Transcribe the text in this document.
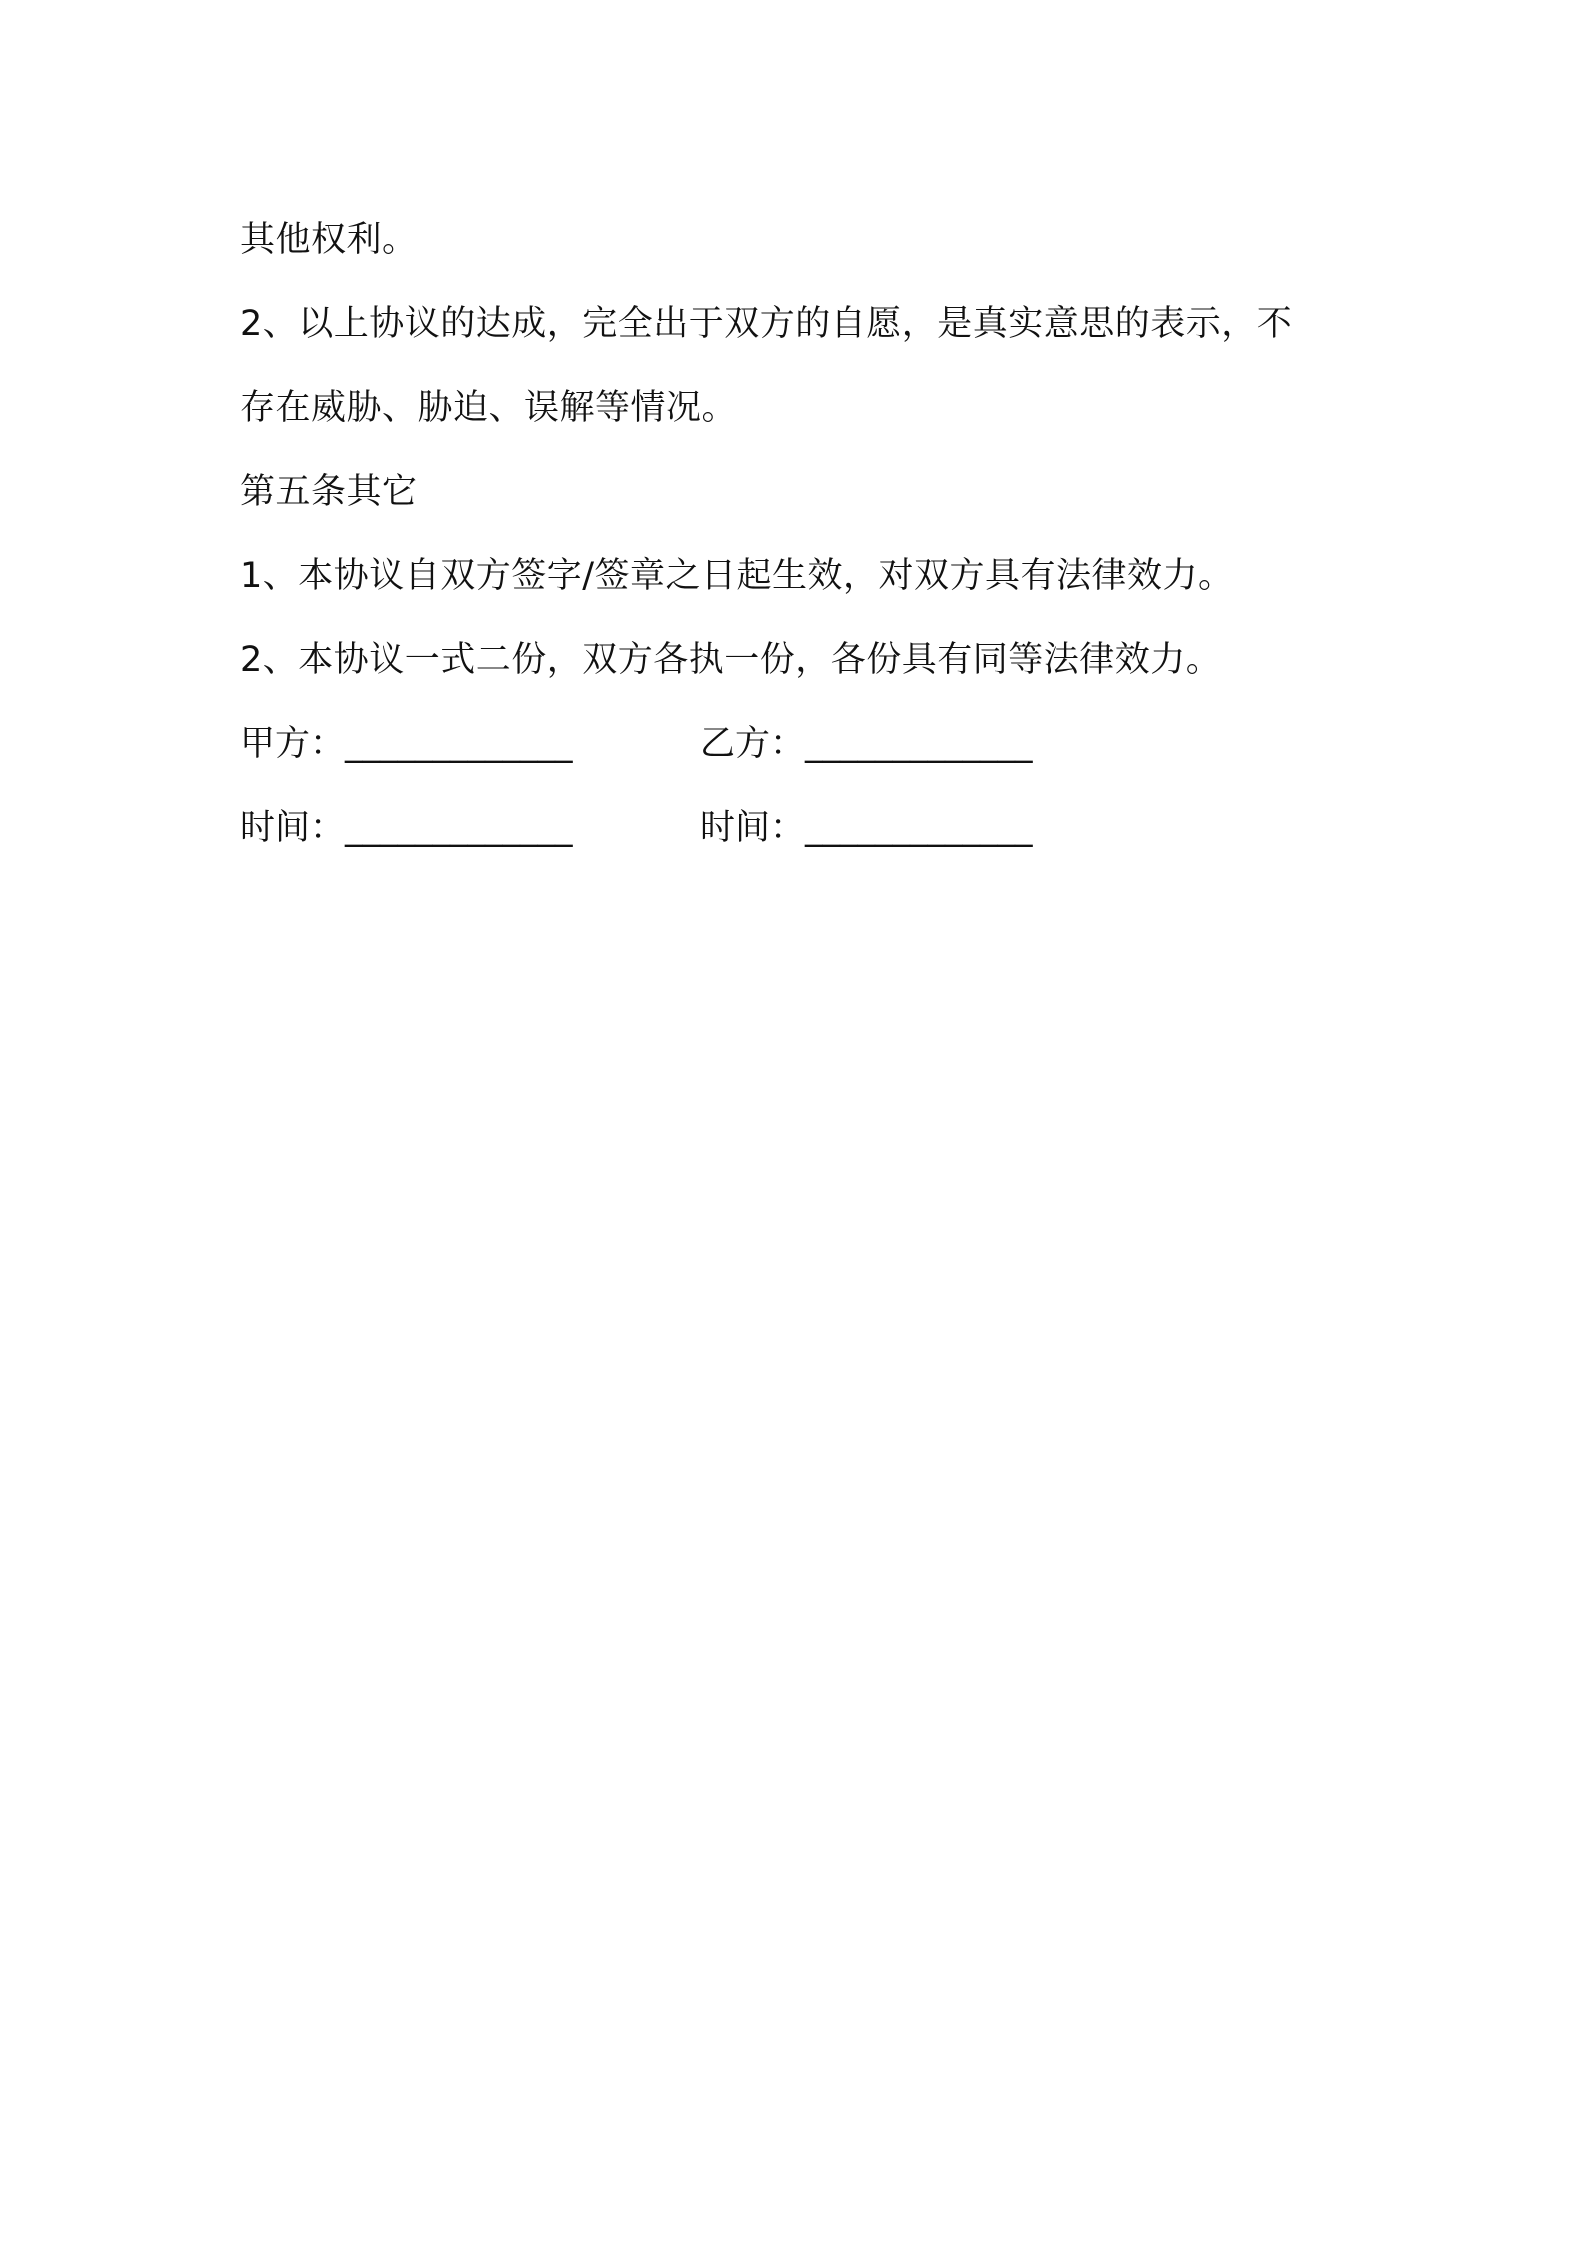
其他权利。
2、以上协议的达成，完全出于双方的自愿，是真实意思的表示，不
存在威胁、胁迫、误解等情况。
第五条其它
1、本协议自双方签字/签章之日起生效，对双方具有法律效力。
2、本协议一式二份，双方各执一份，各份具有同等法律效力。
甲方： _____________	乙方： _____________
时间： _____________	时间： _____________
